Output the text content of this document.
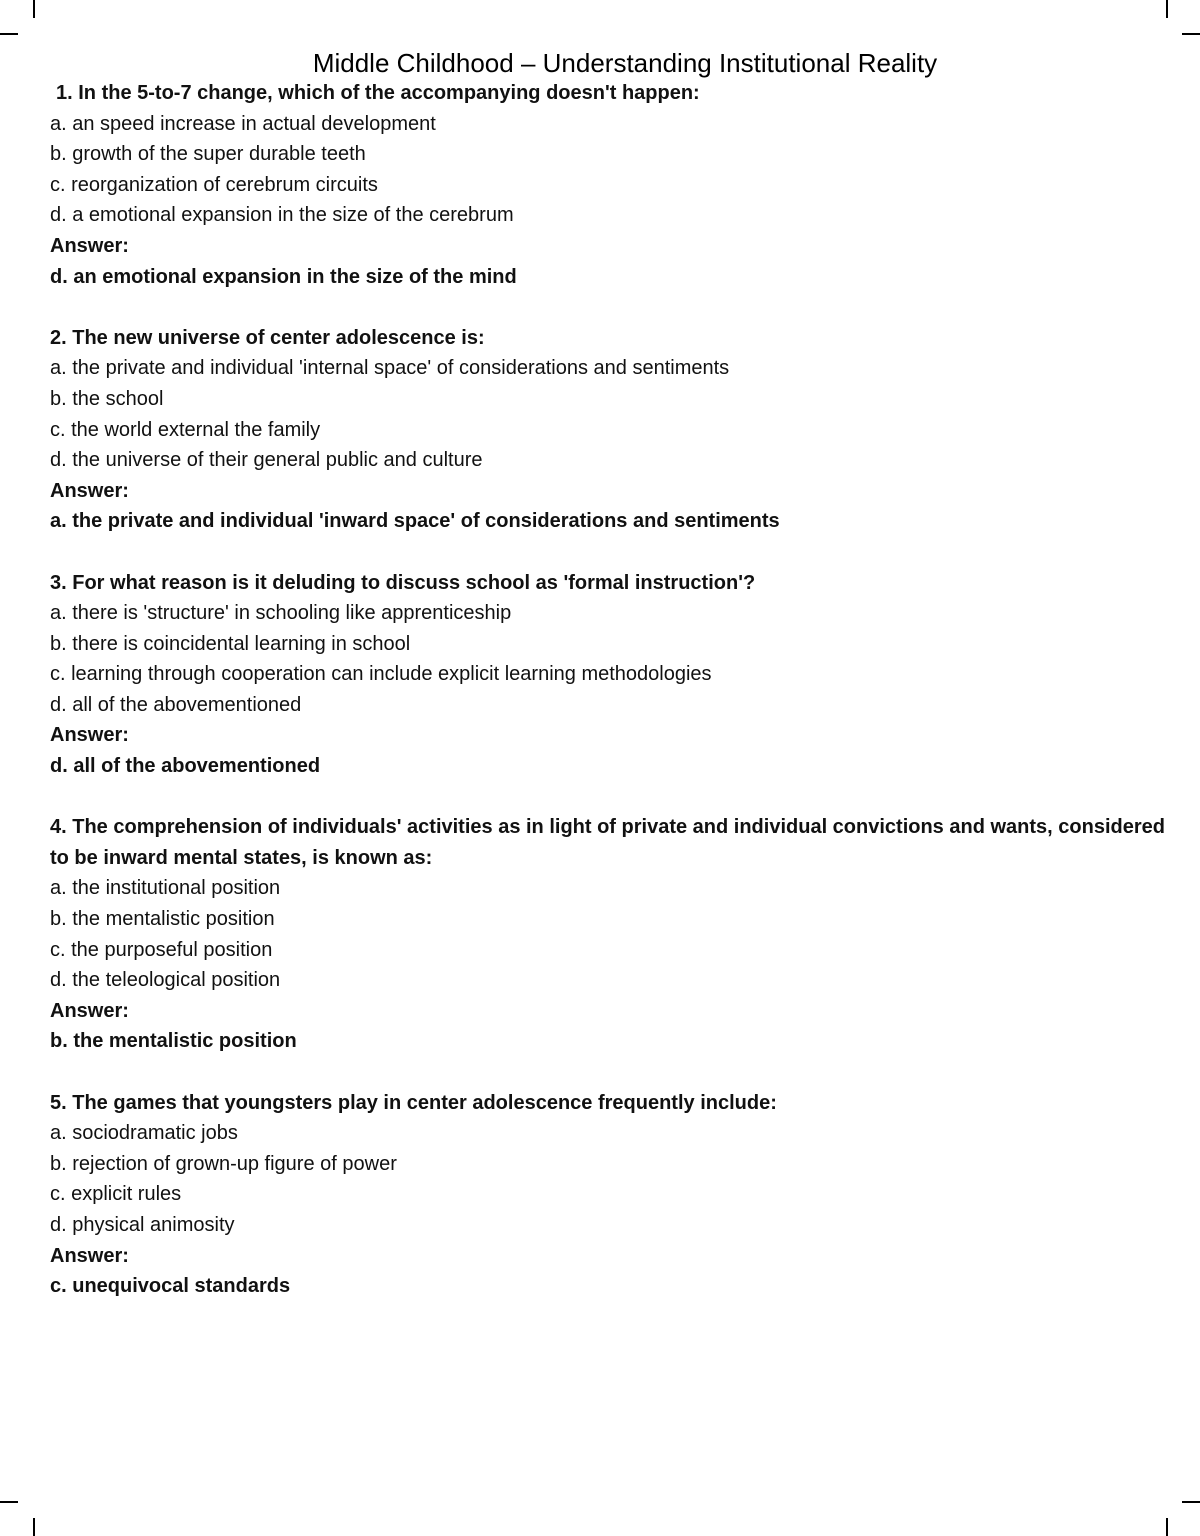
Middle Childhood – Understanding Institutional Reality
1. In the 5-to-7 change, which of the accompanying doesn't happen:
a. an speed increase in actual development
b. growth of the super durable teeth
c. reorganization of cerebrum circuits
d. a emotional expansion in the size of the cerebrum
Answer:
d. an emotional expansion in the size of the mind
2. The new universe of center adolescence is:
a. the private and individual 'internal space' of considerations and sentiments
b. the school
c. the world external the family
d. the universe of their general public and culture
Answer:
a. the private and individual 'inward space' of considerations and sentiments
3. For what reason is it deluding to discuss school as 'formal instruction'?
a. there is 'structure' in schooling like apprenticeship
b. there is coincidental learning in school
c. learning through cooperation can include explicit learning methodologies
d. all of the abovementioned
Answer:
d. all of the abovementioned
4. The comprehension of individuals' activities as in light of private and individual convictions and wants, considered to be inward mental states, is known as:
a. the institutional position
b. the mentalistic position
c. the purposeful position
d. the teleological position
Answer:
b. the mentalistic position
5. The games that youngsters play in center adolescence frequently include:
a. sociodramatic jobs
b. rejection of grown-up figure of power
c. explicit rules
d. physical animosity
Answer:
c. unequivocal standards
